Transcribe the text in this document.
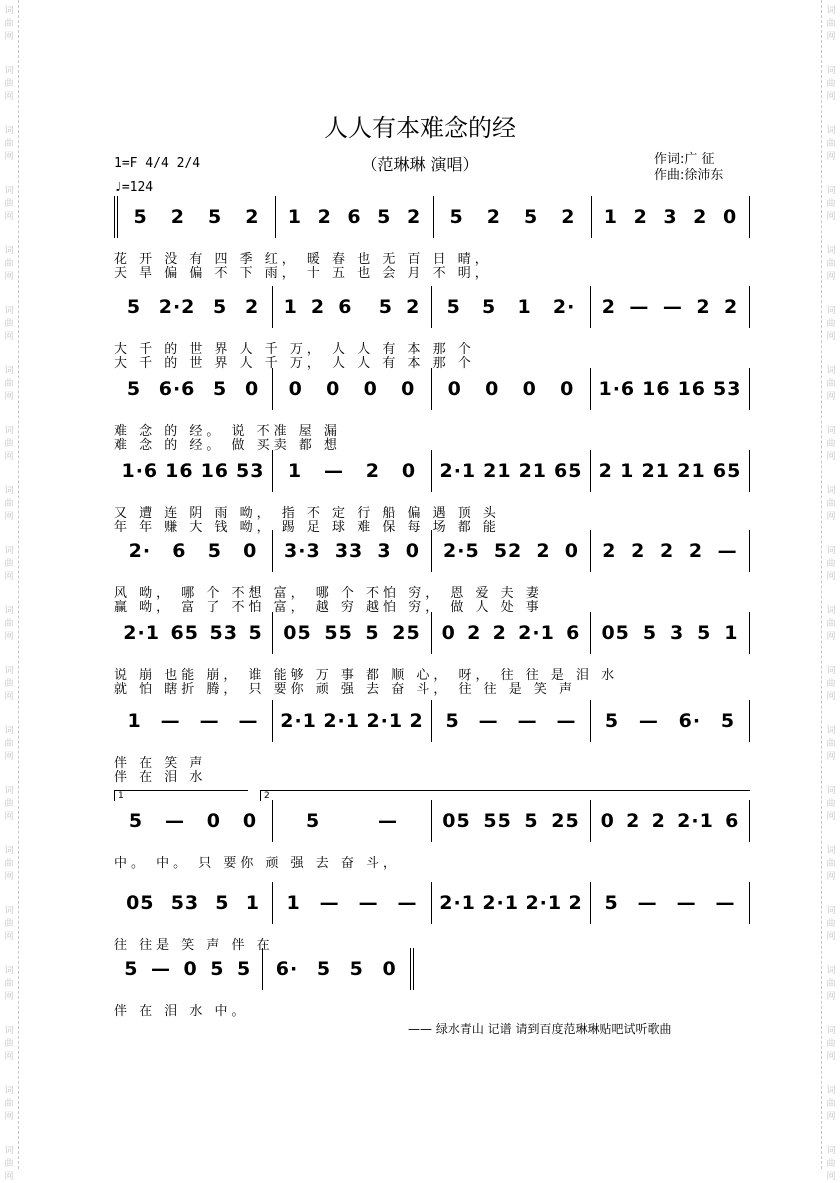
词
曲
网
词
曲
网
词
曲
网
词
曲
网
词
曲
网
词
曲
网
词
曲
网
词
曲
网
词
曲
网
词
曲
网
词
曲
网
词
曲
网
词
曲
网
词
曲
网
词
曲
网
词
曲
网
词
曲
网
词
曲
网
词
曲
网
词
曲
网
词
曲
网
词
曲
网
词
曲
网
词
曲
网
词
曲
网
词
曲
网
词
曲
网
词
曲
网
词
曲
网
词
曲
网
词
曲
网
词
曲
网
词
曲
网
词
曲
网
词
曲
网
词
曲
网
词
曲
网
词
曲
网
词
曲
网
词
曲
网
人人有本难念的经
（范琳琳 演唱）
1=F 4/4 2/4
♩=124
作词:广 征
作曲:徐沛东
5 2 5 2 1 2 6 5 2 5 2 5 2 1 2 3 2 0
花 开 没 有 四 季 红， 暖 春 也 无 百 日 晴，
天 旱 偏 偏 不 下 雨， 十 五 也 会 月 不 明，
5 2·2 5 2 1 2 6 5 2 5 5 1 2· 2 — — 2 2
大 千 的 世 界 人 千 万， 人 人 有 本 那 个
大 千 的 世 界 人 千 万， 人 人 有 本 那 个
5 6·6 5 0 0 0 0 0 0 0 0 0 1·6 16 16 53
难 念 的 经。 说 不准 屋 漏
难 念 的 经。 做 买卖 都 想
1·6 16 16 53 1 — 2 0 2·1 21 21 65 2 1 21 21 65
又 遭 连 阴 雨 呦， 指 不 定 行 船 偏 遇 顶 头
年 年 赚 大 钱 呦， 踢 足 球 难 保 每 场 都 能
2· 6 5 0 3·3 33 3 0 2·5 52 2 0 2 2 2 2 —
风 呦， 哪 个 不想 富， 哪 个 不怕 穷， 恩 爱 夫 妻
赢 呦， 富 了 不怕 富， 越 穷 越怕 穷， 做 人 处 事
2·1 65 53 5 05 55 5 25 0 2 2 2·1 6 05 5 3 5 1
说 崩 也能 崩， 谁 能够 万 事 都 顺 心， 呀， 往 往 是 泪 水
就 怕 瞎折 腾， 只 要你 顽 强 去 奋 斗， 往 往 是 笑 声
1 — — — 2·1 2·1 2·1 2 5 — — — 5 — 6· 5
伴 在 笑 声
伴 在 泪 水
5 — 0 0	5	— 05 55 5 25 0 2 2 2·1 6
1	2
中。 中。 只 要你 顽 强 去 奋 斗，
05 53 5 1 1 — — — 2·1 2·1 2·1 2 5 — — —
往 往是 笑 声 伴 在
5 — 0 5 5 6· 5 5 0
伴 在 泪 水 中。
—— 绿水青山 记谱 请到百度范琳琳贴吧试听歌曲
